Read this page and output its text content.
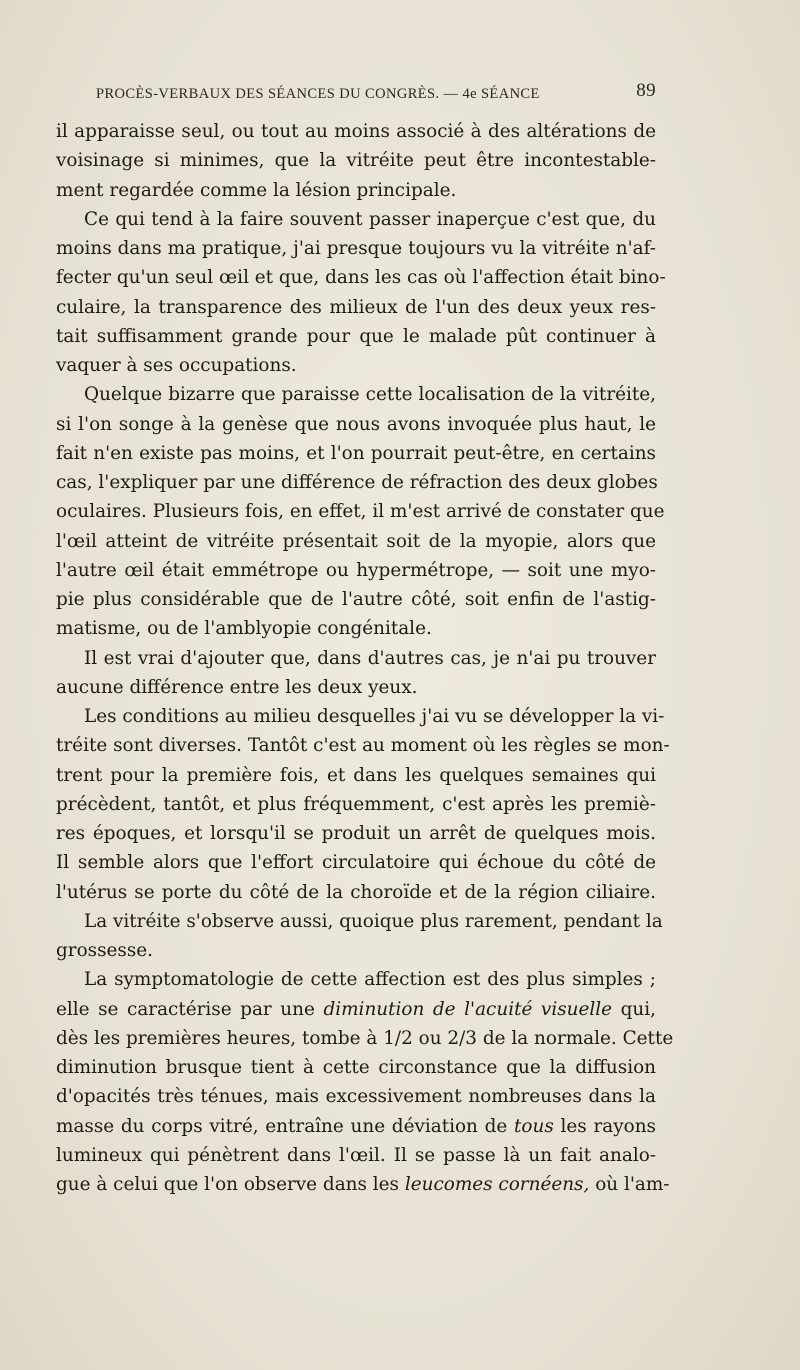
PROCÈS-VERBAUX DES SÉANCES DU CONGRÈS. — 4e SÉANCE	89
il apparaisse seul, ou tout au moins associé à des altérations de
voisinage si minimes, que la vitréite peut être incontestable-
ment regardée comme la lésion principale.
Ce qui tend à la faire souvent passer inaperçue c'est que, du
moins dans ma pratique, j'ai presque toujours vu la vitréite n'af-
fecter qu'un seul œil et que, dans les cas où l'affection était bino-
culaire, la transparence des milieux de l'un des deux yeux res-
tait suffisamment grande pour que le malade pût continuer à
vaquer à ses occupations.
Quelque bizarre que paraisse cette localisation de la vitréite,
si l'on songe à la genèse que nous avons invoquée plus haut, le
fait n'en existe pas moins, et l'on pourrait peut-être, en certains
cas, l'expliquer par une différence de réfraction des deux globes
oculaires. Plusieurs fois, en effet, il m'est arrivé de constater que
l'œil atteint de vitréite présentait soit de la myopie, alors que
l'autre œil était emmétrope ou hypermétrope, — soit une myo-
pie plus considérable que de l'autre côté, soit enfin de l'astig-
matisme, ou de l'amblyopie congénitale.
Il est vrai d'ajouter que, dans d'autres cas, je n'ai pu trouver
aucune différence entre les deux yeux.
Les conditions au milieu desquelles j'ai vu se développer la vi-
tréite sont diverses. Tantôt c'est au moment où les règles se mon-
trent pour la première fois, et dans les quelques semaines qui
précèdent, tantôt, et plus fréquemment, c'est après les premiè-
res époques, et lorsqu'il se produit un arrêt de quelques mois.
Il semble alors que l'effort circulatoire qui échoue du côté de
l'utérus se porte du côté de la choroïde et de la région ciliaire.
La vitréite s'observe aussi, quoique plus rarement, pendant la
grossesse.
La symptomatologie de cette affection est des plus simples ;
elle se caractérise par une diminution de l'acuité visuelle qui,
dès les premières heures, tombe à 1/2 ou 2/3 de la normale. Cette
diminution brusque tient à cette circonstance que la diffusion
d'opacités très ténues, mais excessivement nombreuses dans la
masse du corps vitré, entraîne une déviation de tous les rayons
lumineux qui pénètrent dans l'œil. Il se passe là un fait analo-
gue à celui que l'on observe dans les leucomes cornéens, où l'am-
